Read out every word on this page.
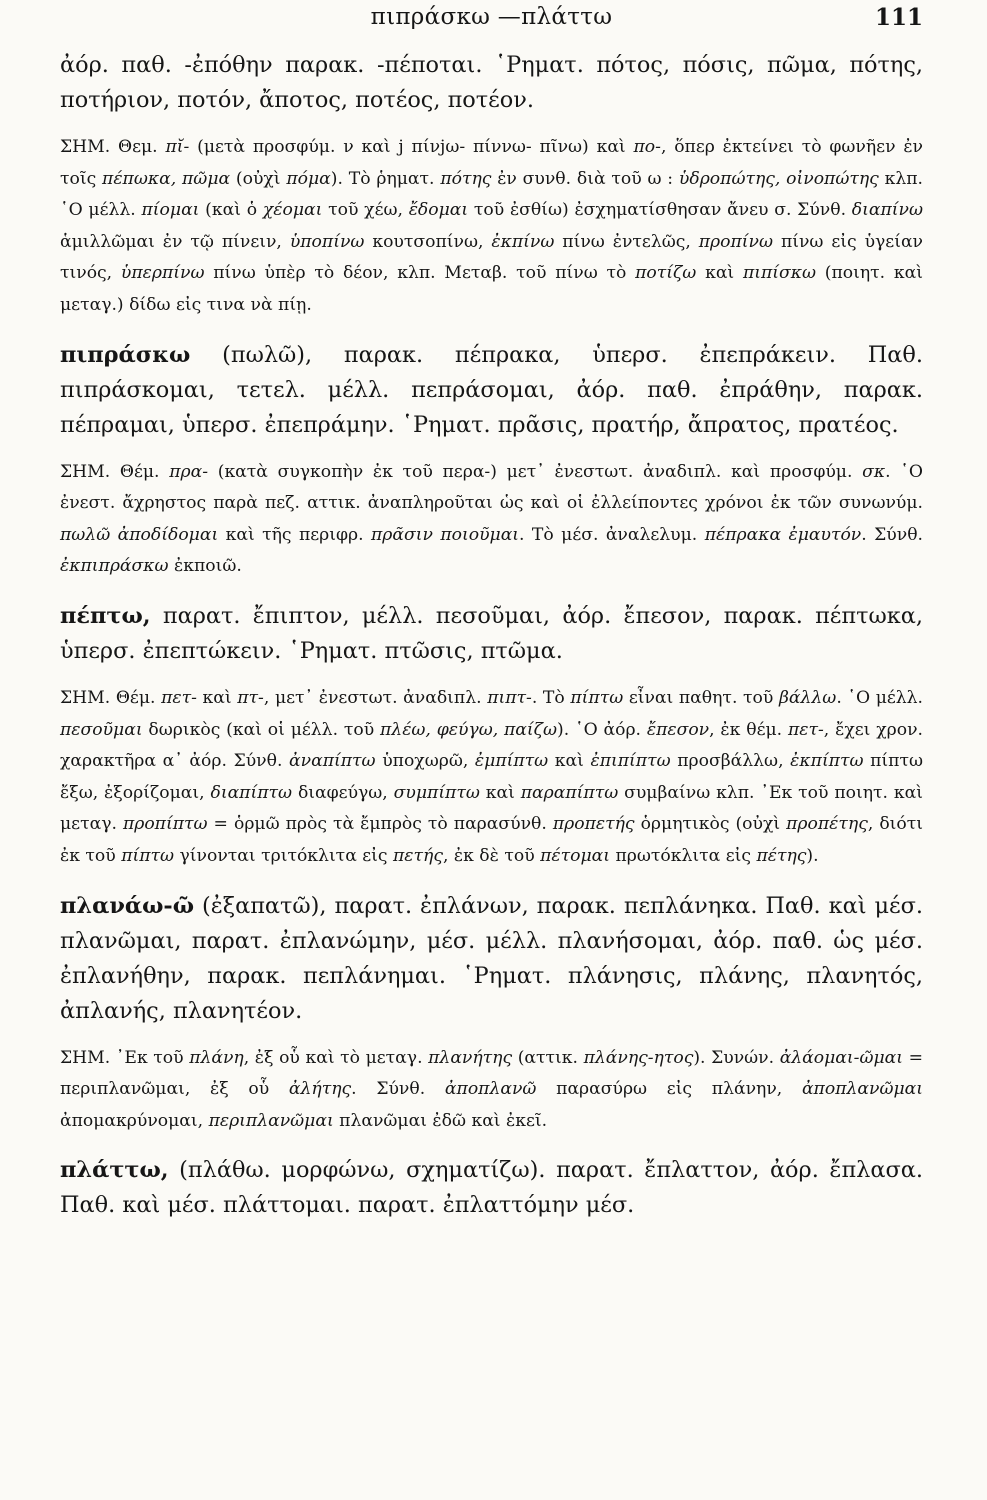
πιπράσκω —πλάττω	111

ἀόρ. παθ. -ἐπόθην παρακ. -πέποται. ῾Ρηματ. πότος, πόσις, πῶμα, πότης, ποτήριον, ποτόν, ἄποτος, ποτέος, ποτέον.

ΣΗΜ. Θεμ. πῐ- (μετὰ προσφύμ. ν καὶ j πίνjω- πίννω- πῖνω) καὶ πο-, ὅπερ ἐκτείνει τὸ φωνῆεν ἐν τοῖς πέπωκα, πῶμα (οὐχὶ πόμα). Τὸ ῥηματ. πότης ἐν συνθ. διὰ τοῦ ω : ὑδροπώτης, οἰνοπώτης κλπ. ῾Ο μέλλ. πίομαι (καὶ ὁ χέομαι τοῦ χέω, ἔδομαι τοῦ ἐσθίω) ἐσχηματίσθησαν ἄνευ σ. Σύνθ. διαπίνω ἁμιλλῶμαι ἐν τῷ πίνειν, ὑποπίνω κουτσοπίνω, ἐκπίνω πίνω ἐντελῶς, προπίνω πίνω εἰς ὑγείαν τινός, ὑπερπίνω πίνω ὑπὲρ τὸ δέον, κλπ. Μεταβ. τοῦ πίνω τὸ ποτίζω καὶ πιπίσκω (ποιητ. καὶ μεταγ.) δίδω εἰς τινα νὰ πίῃ.

πιπράσκω (πωλῶ), παρακ. πέπρακα, ὑπερσ. ἐπεπράκειν. Παθ. πιπράσκομαι, τετελ. μέλλ. πεπράσομαι, ἀόρ. παθ. ἐπράθην, παρακ. πέπραμαι, ὑπερσ. ἐπεπράμην. ῾Ρηματ. πρᾶσις, πρατήρ, ἄπρατος, πρατέος.

ΣΗΜ. Θέμ. πρα- (κατὰ συγκοπὴν ἐκ τοῦ περα-) μετ᾽ ἐνεστωτ. ἀναδιπλ. καὶ προσφύμ. σκ. ῾Ο ἐνεστ. ἄχρηστος παρὰ πεζ. αττικ. ἀναπληροῦται ὡς καὶ οἱ ἐλλείποντες χρόνοι ἐκ τῶν συνωνύμ. πωλῶ ἀποδίδομαι καὶ τῆς περιφρ. πρᾶσιν ποιοῦμαι. Τὸ μέσ. ἀναλελυμ. πέπρακα ἐμαυτόν. Σύνθ. ἐκπιπράσκω ἐκποιῶ.

πέπτω, παρατ. ἔπιπτον, μέλλ. πεσοῦμαι, ἀόρ. ἔπεσον, παρακ. πέπτωκα, ὑπερσ. ἐπεπτώκειν. ῾Ρηματ. πτῶσις, πτῶμα.

ΣΗΜ. Θέμ. πετ- καὶ πτ-, μετ᾽ ἐνεστωτ. ἀναδιπλ. πιπτ-. Τὸ πίπτω εἶναι παθητ. τοῦ βάλλω. ῾Ο μέλλ. πεσοῦμαι δωρικὸς (καὶ οἱ μέλλ. τοῦ πλέω, φεύγω, παίζω). ῾Ο ἀόρ. ἔπεσον, ἐκ θέμ. πετ-, ἔχει χρον. χαρακτῆρα α᾽ ἀόρ. Σύνθ. ἀναπίπτω ὑποχωρῶ, ἐμπίπτω καὶ ἐπιπίπτω προσβάλλω, ἐκπίπτω πίπτω ἔξω, ἐξορίζομαι, διαπίπτω διαφεύγω, συμπίπτω καὶ παραπίπτω συμβαίνω κλπ. ᾽Εκ τοῦ ποιητ. καὶ μεταγ. προπίπτω = ὁρμῶ πρὸς τὰ ἔμπρὸς τὸ παρασύνθ. προπετής ὁρμητικὸς (οὐχὶ προπέτης, διότι ἐκ τοῦ πίπτω γίνονται τριτόκλιτα εἰς πετής, ἐκ δὲ τοῦ πέτομαι πρωτόκλιτα εἰς πέτης).

πλανάω-ῶ (ἐξαπατῶ), παρατ. ἐπλάνων, παρακ. πεπλάνηκα. Παθ. καὶ μέσ. πλανῶμαι, παρατ. ἐπλανώμην, μέσ. μέλλ. πλανήσομαι, ἀόρ. παθ. ὡς μέσ. ἐπλανήθην, παρακ. πεπλάνημαι. ῾Ρηματ. πλάνησις, πλάνης, πλανητός, ἀπλανής, πλανητέον.

ΣΗΜ. ᾽Εκ τοῦ πλάνη, ἐξ οὗ καὶ τὸ μεταγ. πλανήτης (αττικ. πλάνης-ητος). Συνών. ἀλάομαι-ῶμαι = περιπλανῶμαι, ἐξ οὗ ἀλήτης. Σύνθ. ἀποπλανῶ παρασύρω εἰς πλάνην, ἀποπλανῶμαι ἀπομακρύνομαι, περιπλανῶμαι πλανῶμαι ἐδῶ καὶ ἐκεῖ.

πλάττω, (πλάθω. μορφώνω, σχηματίζω). παρατ. ἔπλαττον, ἀόρ. ἔπλασα. Παθ. καὶ μέσ. πλάττομαι. παρατ. ἐπλαττόμην μέσ.
